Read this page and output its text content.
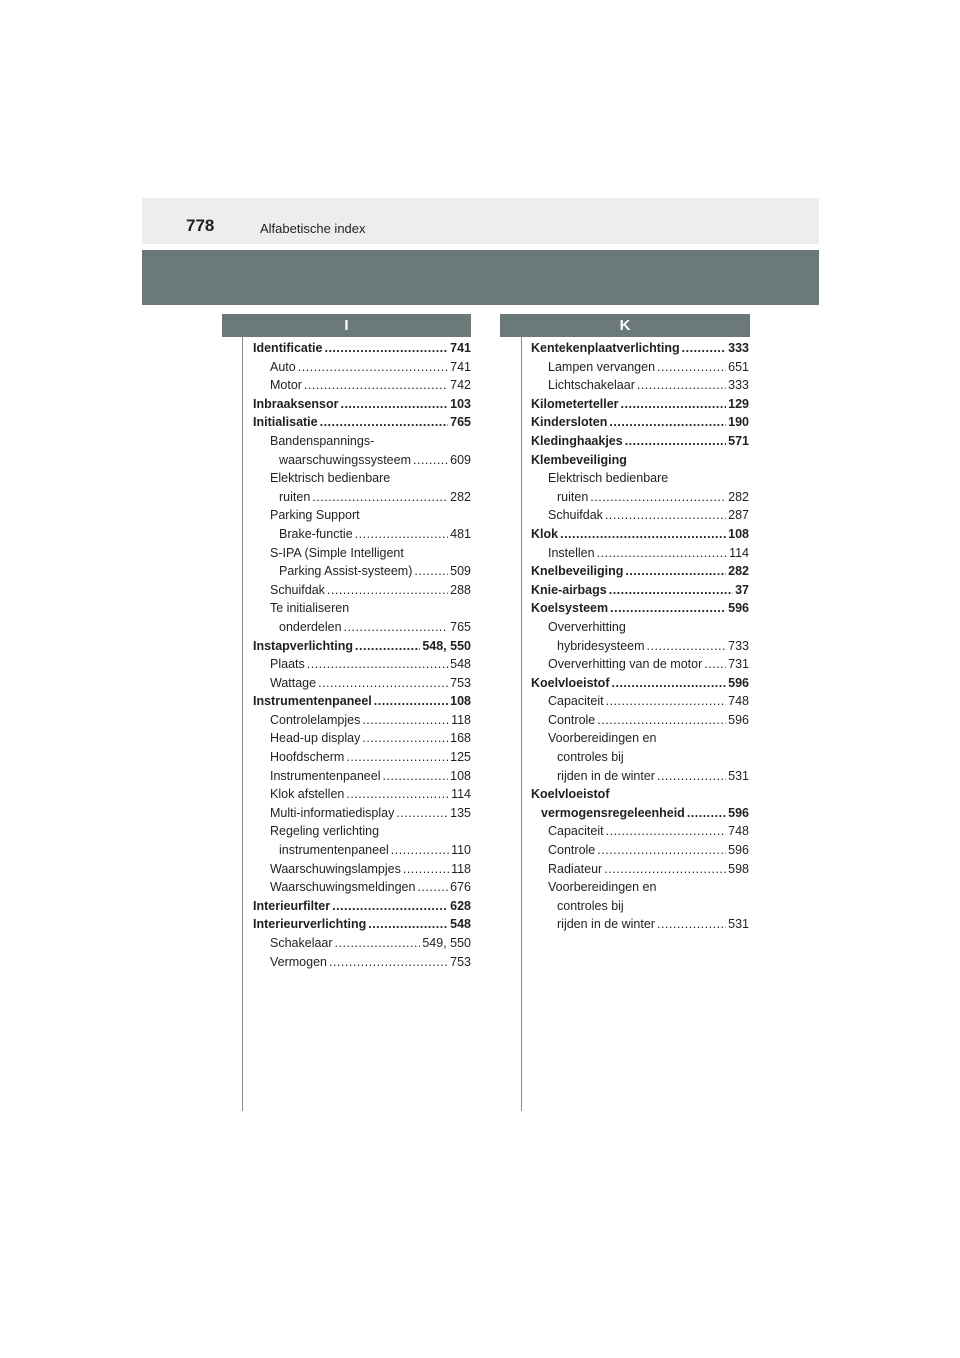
778	Alfabetische index
I	K
Identificatie .....	741
Auto .....	741
Motor .....	742
Inbraaksensor .....	103
Initialisatie .....	765
Bandenspannings-
waarschuwingssysteem .....	609
Elektrisch bedienbare
ruiten .....	282
Parking Support
Brake-functie .....	481
S-IPA (Simple Intelligent
Parking Assist-systeem) .....	509
Schuifdak .....	288
Te initialiseren
onderdelen .....	765
Instapverlichting .....	548, 550
Plaats .....	548
Wattage .....	753
Instrumentenpaneel .....	108
Controlelampjes .....	118
Head-up display .....	168
Hoofdscherm .....	125
Instrumentenpaneel .....	108
Klok afstellen .....	114
Multi-informatiedisplay .....	135
Regeling verlichting
instrumentenpaneel .....	110
Waarschuwingslampjes .....	118
Waarschuwingsmeldingen .....	676
Interieurfilter .....	628
Interieurverlichting .....	548
Schakelaar .....	549, 550
Vermogen .....	753
Kentekenplaatverlichting .....	333
Lampen vervangen .....	651
Lichtschakelaar .....	333
Kilometerteller .....	129
Kindersloten .....	190
Kledinghaakjes .....	571
Klembeveiliging
Elektrisch bedienbare
ruiten .....	282
Schuifdak .....	287
Klok .....	108
Instellen .....	114
Knelbeveiliging .....	282
Knie-airbags .....	37
Koelsysteem .....	596
Oververhitting
hybridesysteem .....	733
Oververhitting van de motor ..... 731
Koelvloeistof .....	596
Capaciteit .....	748
Controle .....	596
Voorbereidingen en
controles bij
rijden in de winter .....	531
Koelvloeistof
vermogensregeleenheid .....	596
Capaciteit .....	748
Controle .....	596
Radiateur .....	598
Voorbereidingen en
controles bij
rijden in de winter .....	531
